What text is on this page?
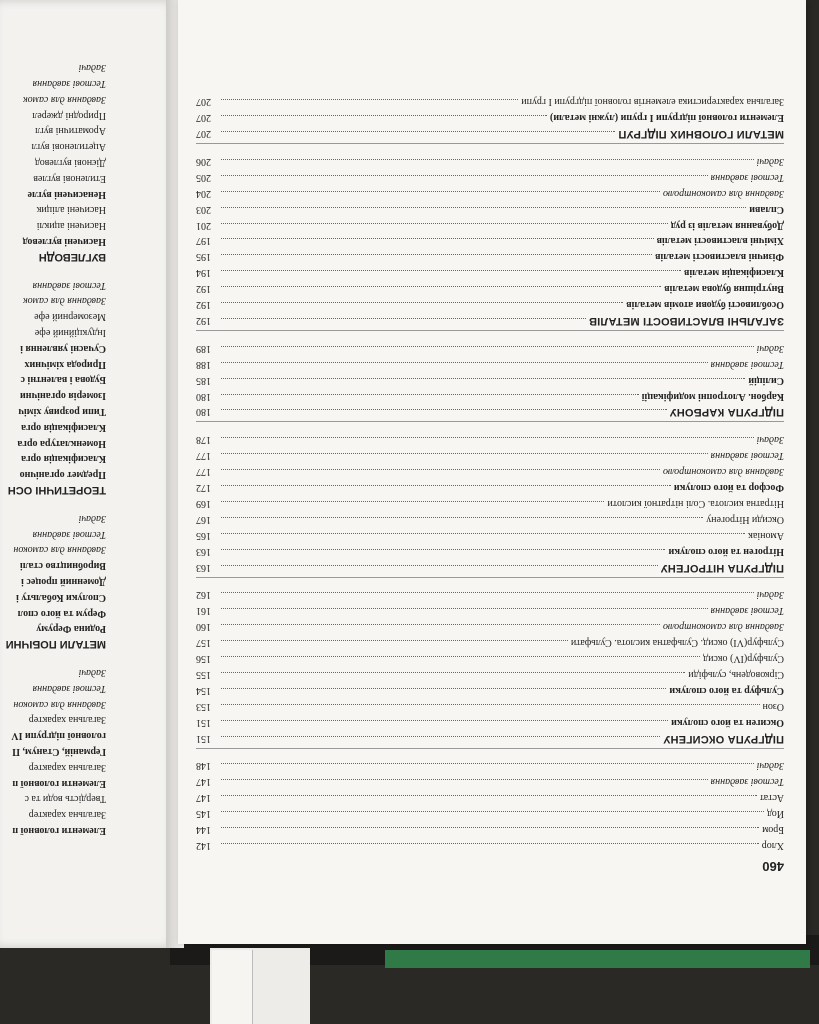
Елементи головної п
Загальна характер
Твердість води та с
Елементи головної п
Загальна характер
Германій, Станум, П
головної підгрупи IV
Загальна характер
Завдання для самокон
Тестові завдання
Задачі
МЕТАЛИ ПОБІЧНИ
Родина Феруму
Ферум та його спол
Сполуки Кобальту і
Доменний процес і
Виробництво сталі
Завдання для самокон
Тестові завдання
Задачі
ТЕОРЕТИЧНІ ОСН
Предмет органічно
Класифікація орга
Номенклатура орга
Класифікація орга
Типи розриву хіміч
Ізомерія органічни
Будова і валентні с
Природа хімічних
Сучасні уявлення і
Індукційний ефе
Мезомерний ефе
Завдання для самок
Тестові завдання
ВУГЛЕВОДН
Насичені вуглевод
Насичені ациклі
Насичені аліцик
Ненасичені вугле
Етиленові вуглев
Дієнові вуглевод
Ацетиленові вугл
Ароматичні вугл
Природні джерел
Завдання для самок
Тестові завдання
Задачі
460
Хлор
142
Бром
144
Йод
145
Астат
147
Тестові завдання
147
Задачі
148
ПІДГРУПА ОКСИГЕНУ
151
Оксиген та його сполуки
151
Озон
153
Сульфур та його сполуки
154
Сірководень, сульфіди
155
Сульфур(IV) оксид
156
Сульфур(VI) оксид. Сульфатна кислота. Сульфати
157
Завдання для самоконтролю
160
Тестові завдання
161
Задачі
162
ПІДГРУПА НІТРОГЕНУ
163
Нітроген та його сполуки
163
Амоніак
165
Оксиди Нітрогену
167
Нітратна кислота. Солі нітратної кислоти
169
Фосфор та його сполуки
172
Завдання для самоконтролю
177
Тестові завдання
177
Задачі
178
ПІДГРУПА КАРБОНУ
180
Карбон. Алотропні модифікації
180
Силіцій
185
Тестові завдання
188
Задачі
189
ЗАГАЛЬНІ ВЛАСТИВОСТІ МЕТАЛІВ
192
Особливості будови атомів металів
192
Внутрішня будова металів
192
Класифікація металів
194
Фізичні властивості металів
195
Хімічні властивості металів
197
Добування металів із руд
201
Сплави
203
Завдання для самоконтролю
204
Тестові завдання
205
Задачі
206
МЕТАЛИ ГОЛОВНИХ ПІДГРУП
207
Елементи головної підгрупи І групи (лужні метали)
207
Загальна характеристика елементів головної підгрупи І групи
207
